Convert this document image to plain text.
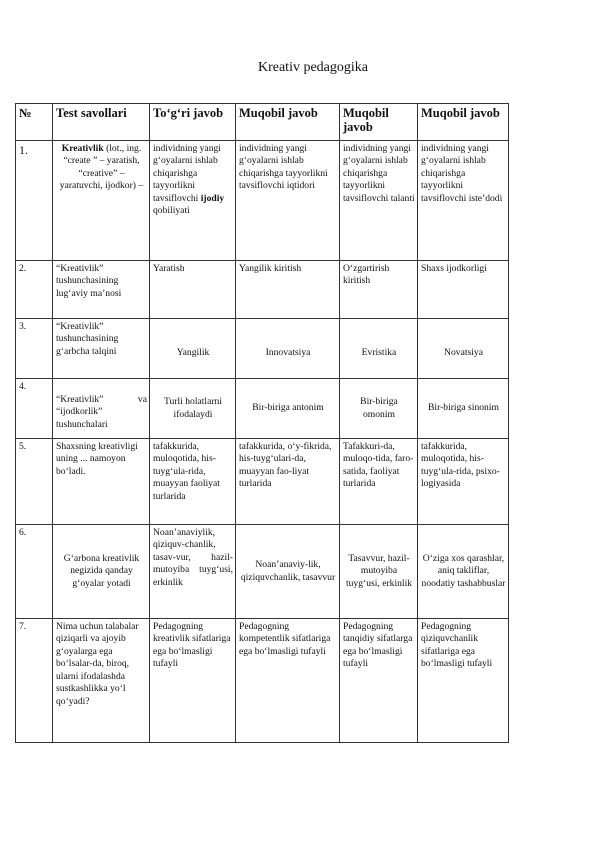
Kreativ pedagogika
№	Test savollari	To‘g‘ri javob	Muqobil javob	Muqobil javob	Muqobil javob
1.	Kreativlik (lot., ing. “create ” – yaratish, “creative” – yaratuvchi, ijodkor) –	individning yangi g‘oyalarni ishlab chiqarishga tayyorlikni tavsiflovchi ijodiy qobiliyati	individning yangi g‘oyalarni ishlab chiqarishga tayyorlikni tavsiflovchi iqtidori	individning yangi g‘oyalarni ishlab chiqarishga tayyorlikni tavsiflovchi talanti	individning yangi g‘oyalarni ishlab chiqarishga tayyorlikni tavsiflovchi iste’dodi
2.	“Kreativlik” tushunchasining lug‘aviy ma’nosi	Yaratish	Yangilik kiritish	O‘zgartirish kiritish	Shaxs ijodkorligi
3.	“Kreativlik” tushunchasining g‘arbcha talqini	Yangilik	Innovatsiya	Evristika	Novatsiya
4.	“Kreativlik” va “ijodkorlik” tushunchalari	Turli holatlarni ifodalaydi	Bir-biriga antonim	Bir-biriga omonim	Bir-biriga sinonim
5.	Shaxsning kreativligi uning ... namoyon bo‘ladi.	tafakkurida, muloqotida, his-tuyg‘ula-rida, muayyan faoliyat turlarida	tafakkurida, o‘y-fikrida, his-tuyg‘ulari-da, muayyan fao-liyat turlarida	Tafakkuri-da, muloqo-tida, faro-satida, faoliyat turlarida	tafakkurida, muloqotida, his-tuyg‘ula-rida, psixo-logiyasida
6.	G‘arbona kreativlik negizida qanday g‘oyalar yotadi	Noan’anaviylik, qiziquv-chanlik, tasav-vur, hazil-mutoyiba tuyg‘usi, erkinlik	Noan’anaviy-lik, qiziquvchanlik, tasavvur	Tasavvur, hazil-mutoyiba tuyg‘usi, erkinlik	O‘ziga xos qarashlar, aniq takliflar, noodatiy tashabbuslar
7.	Nima uchun talabalar qiziqarli va ajoyib g‘oyalarga ega bo‘lsalar-da, biroq, ularni ifodalashda sustkashlikka yo‘l qo‘yadi?	Pedagogning kreativlik sifatlariga ega bo‘lmasligi tufayli	Pedagogning kompetentlik sifatlariga ega bo‘lmasligi tufayli	Pedagogning tanqidiy sifatlarga ega bo‘lmasligi tufayli	Pedagogning qiziquvchanlik sifatlariga ega bo‘lmasligi tufayli
